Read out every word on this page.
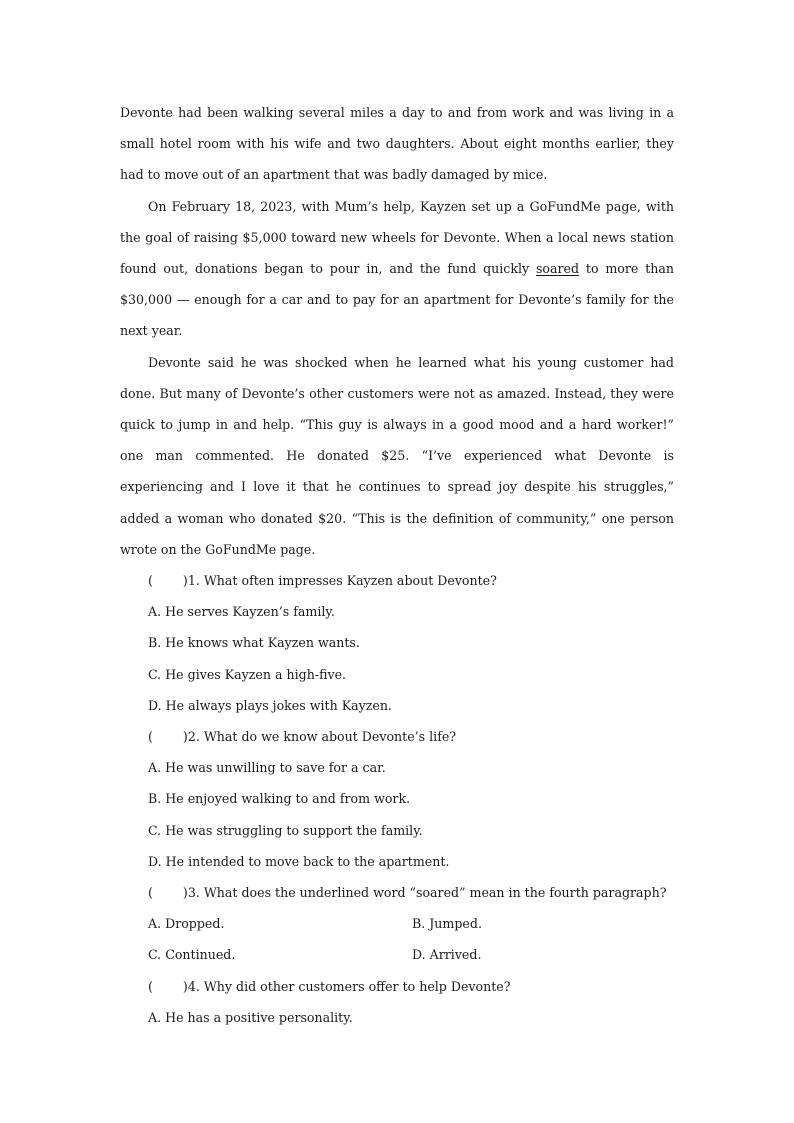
Devonte had been walking several miles a day to and from work and was living in a small hotel room with his wife and two daughters. About eight months earlier, they had to move out of an apartment that was badly damaged by mice.

On February 18, 2023, with Mum’s help, Kayzen set up a GoFundMe page, with the goal of raising $5,000 toward new wheels for Devonte. When a local news station found out, donations began to pour in, and the fund quickly soared to more than $30,000 — enough for a car and to pay for an apartment for Devonte’s family for the next year.

Devonte said he was shocked when he learned what his young customer had done. But many of Devonte’s other customers were not as amazed. Instead, they were quick to jump in and help. “This guy is always in a good mood and a hard worker!” one man commented. He donated $25. “I’ve experienced what Devonte is experiencing and I love it that he continues to spread joy despite his struggles,” added a woman who donated $20. “This is the definition of community,” one person wrote on the GoFundMe page.

( )1. What often impresses Kayzen about Devonte?

A. He serves Kayzen’s family.

B. He knows what Kayzen wants.

C. He gives Kayzen a high-five.

D. He always plays jokes with Kayzen.

( )2. What do we know about Devonte’s life?

A. He was unwilling to save for a car.

B. He enjoyed walking to and from work.

C. He was struggling to support the family.

D. He intended to move back to the apartment.

( )3. What does the underlined word “soared” mean in the fourth paragraph?

A. Dropped.	B. Jumped.
C. Continued.	D. Arrived.

( )4. Why did other customers offer to help Devonte?

A. He has a positive personality.
